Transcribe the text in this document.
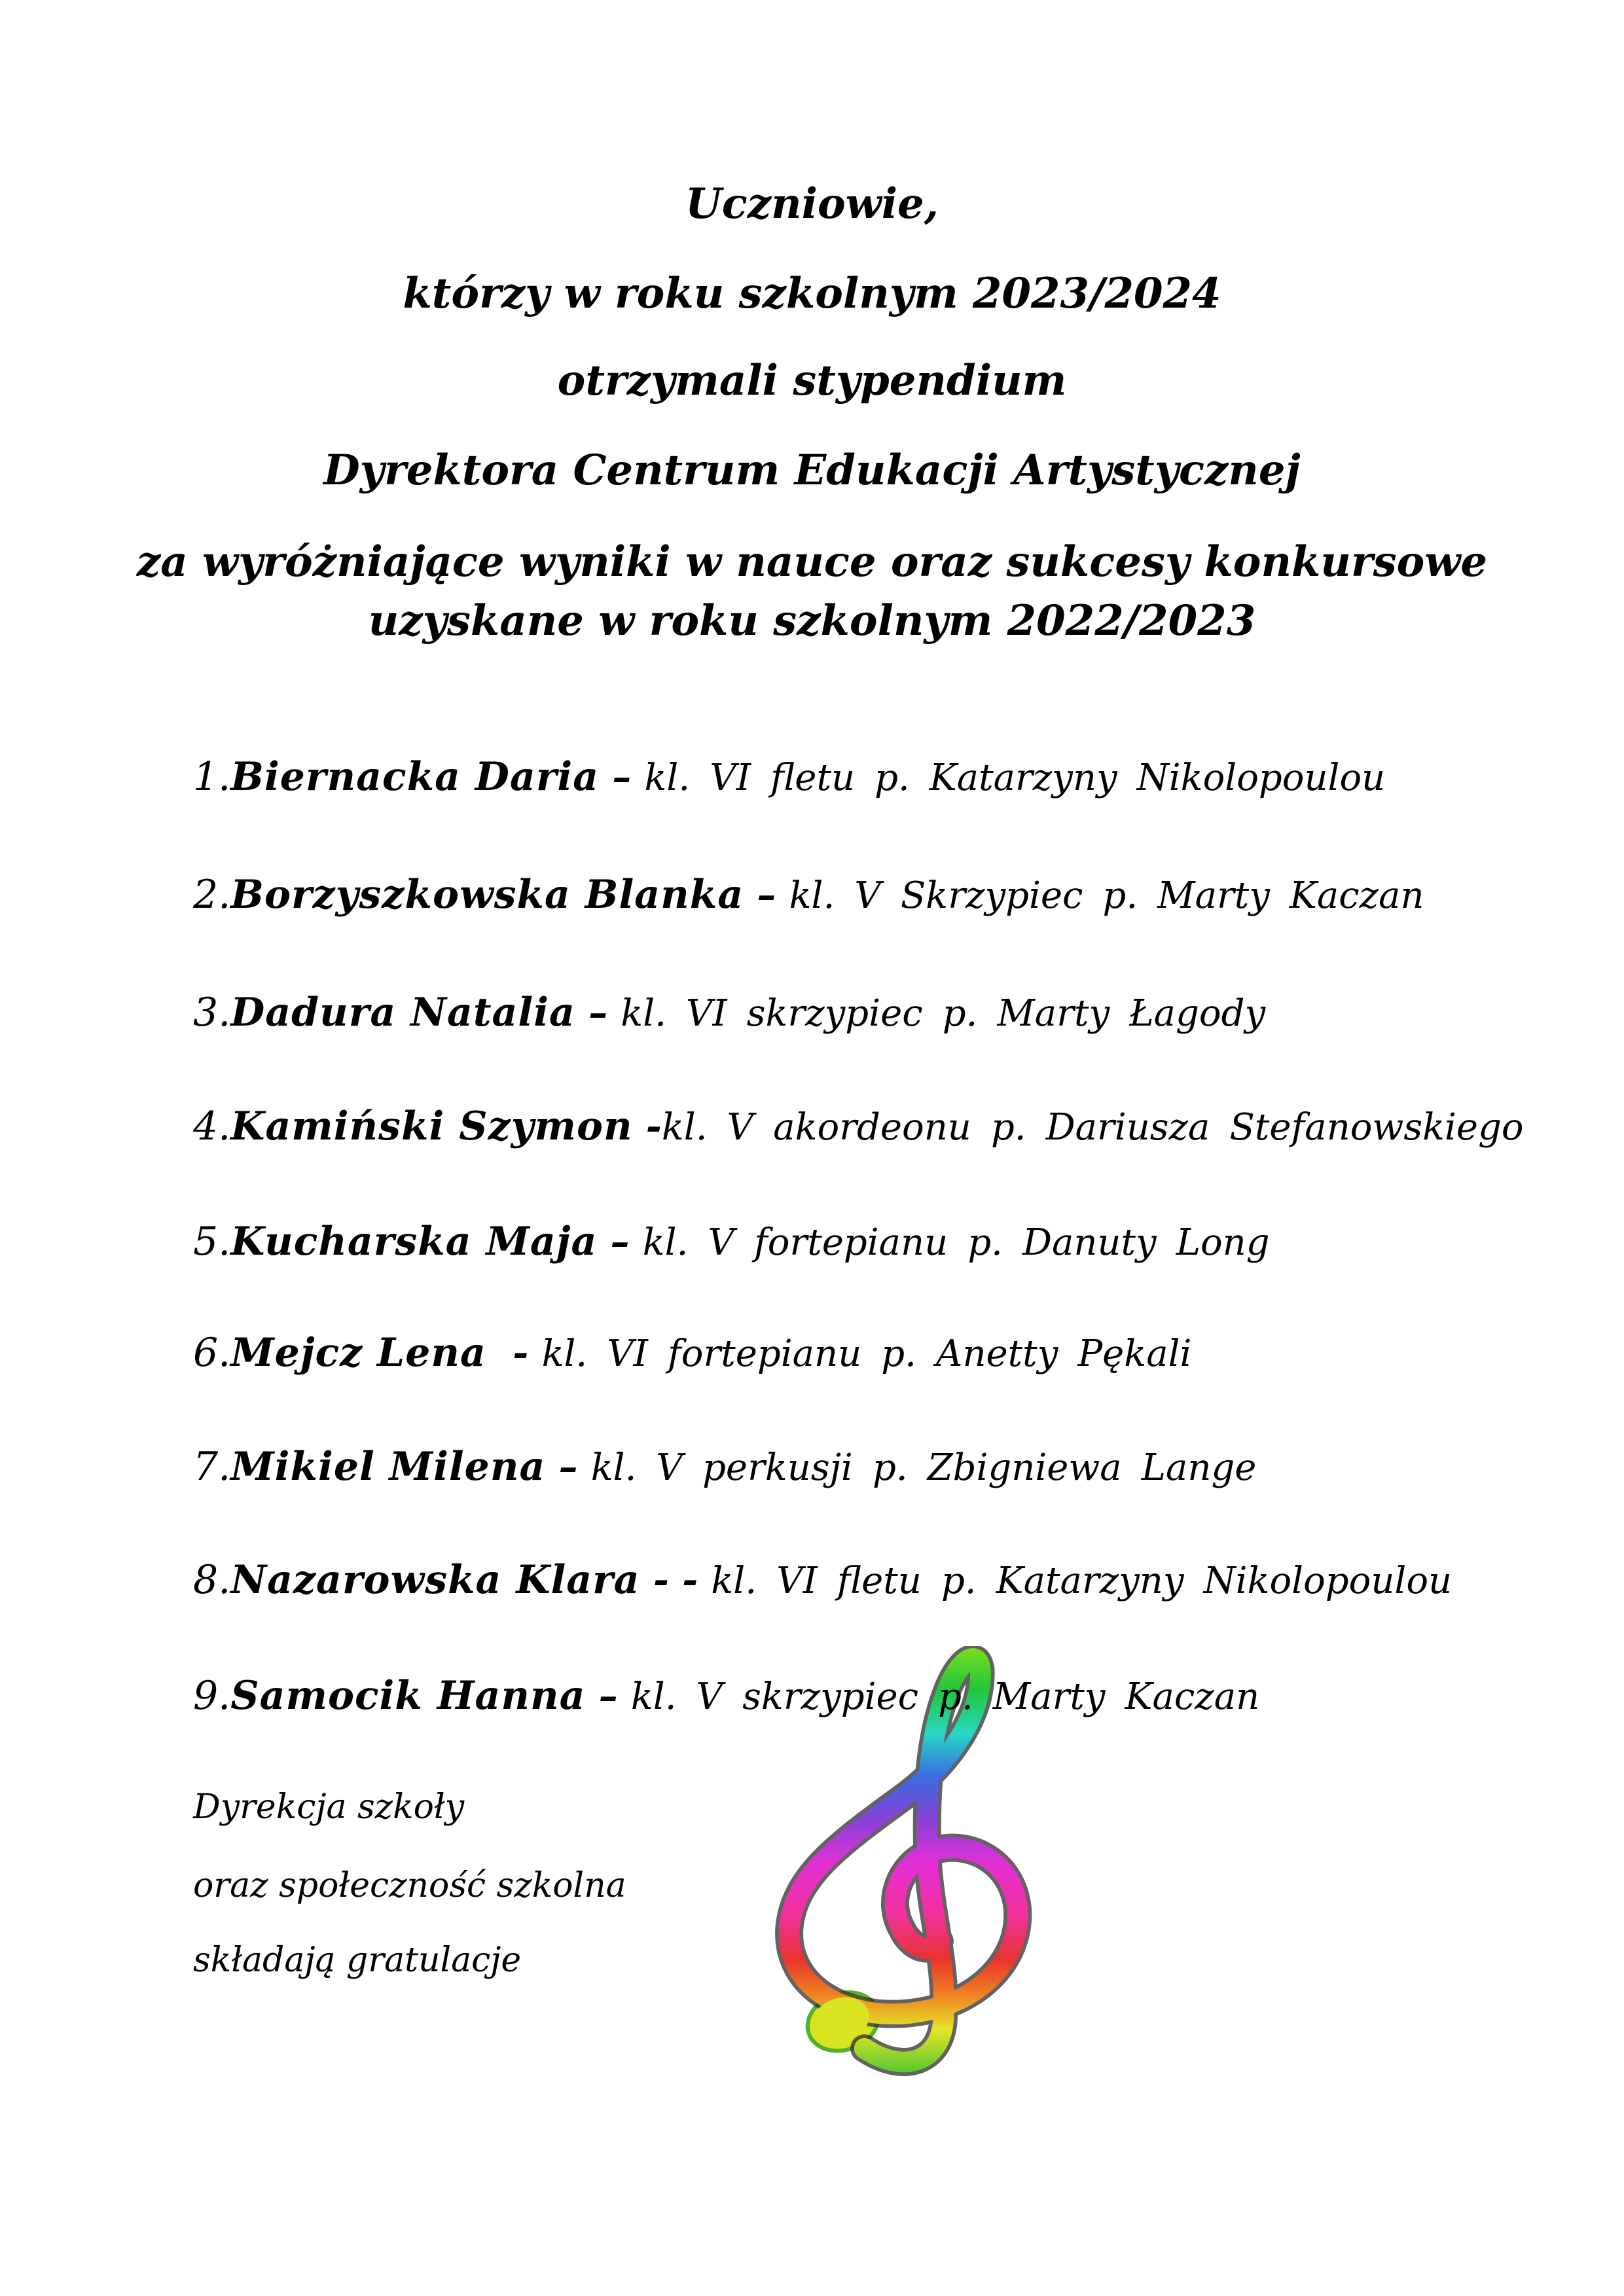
Uczniowie,
którzy w roku szkolnym 2023/2024
otrzymali stypendium
Dyrektora Centrum Edukacji Artystycznej
za wyróżniające wyniki w nauce oraz sukcesy konkursowe
uzyskane w roku szkolnym 2022/2023
1.Biernacka Daria – kl. VI fletu p. Katarzyny Nikolopoulou
2.Borzyszkowska Blanka – kl. V Skrzypiec p. Marty Kaczan
3.Dadura Natalia – kl. VI skrzypiec p. Marty Łagody
4.Kamiński Szymon -kl. V akordeonu p. Dariusza Stefanowskiego
5.Kucharska Maja – kl. V fortepianu p. Danuty Long
6.Mejcz Lena  - kl. VI fortepianu p. Anetty Pękali
7.Mikiel Milena – kl. V perkusji p. Zbigniewa Lange
8.Nazarowska Klara - - kl. VI fletu p. Katarzyny Nikolopoulou
9.Samocik Hanna – kl. V skrzypiec p. Marty Kaczan
Dyrekcja szkoły
oraz społeczność szkolna
składają gratulacje
